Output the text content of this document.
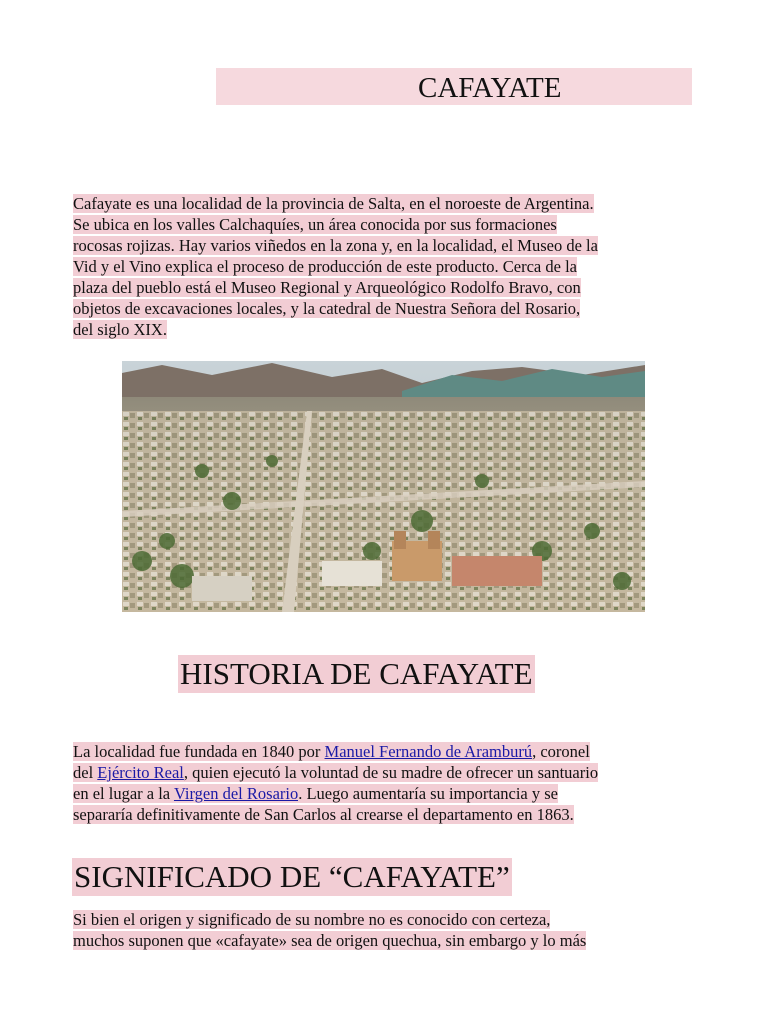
CAFAYATE

Cafayate es una localidad de la provincia de Salta, en el noroeste de Argentina.
Se ubica en los valles Calchaquíes, un área conocida por sus formaciones
rocosas rojizas. Hay varios viñedos en la zona y, en la localidad, el Museo de la
Vid y el Vino explica el proceso de producción de este producto. Cerca de la
plaza del pueblo está el Museo Regional y Arqueológico Rodolfo Bravo, con
objetos de excavaciones locales, y la catedral de Nuestra Señora del Rosario,
del siglo XIX.

HISTORIA DE CAFAYATE

La localidad fue fundada en 1840 por Manuel Fernando de Aramburú, coronel
del Ejército Real, quien ejecutó la voluntad de su madre de ofrecer un santuario
en el lugar a la Virgen del Rosario. Luego aumentaría su importancia y se
separaría definitivamente de San Carlos al crearse el departamento en 1863.

SIGNIFICADO DE “CAFAYATE”

Si bien el origen y significado de su nombre no es conocido con certeza,
muchos suponen que «cafayate» sea de origen quechua, sin embargo y lo más
